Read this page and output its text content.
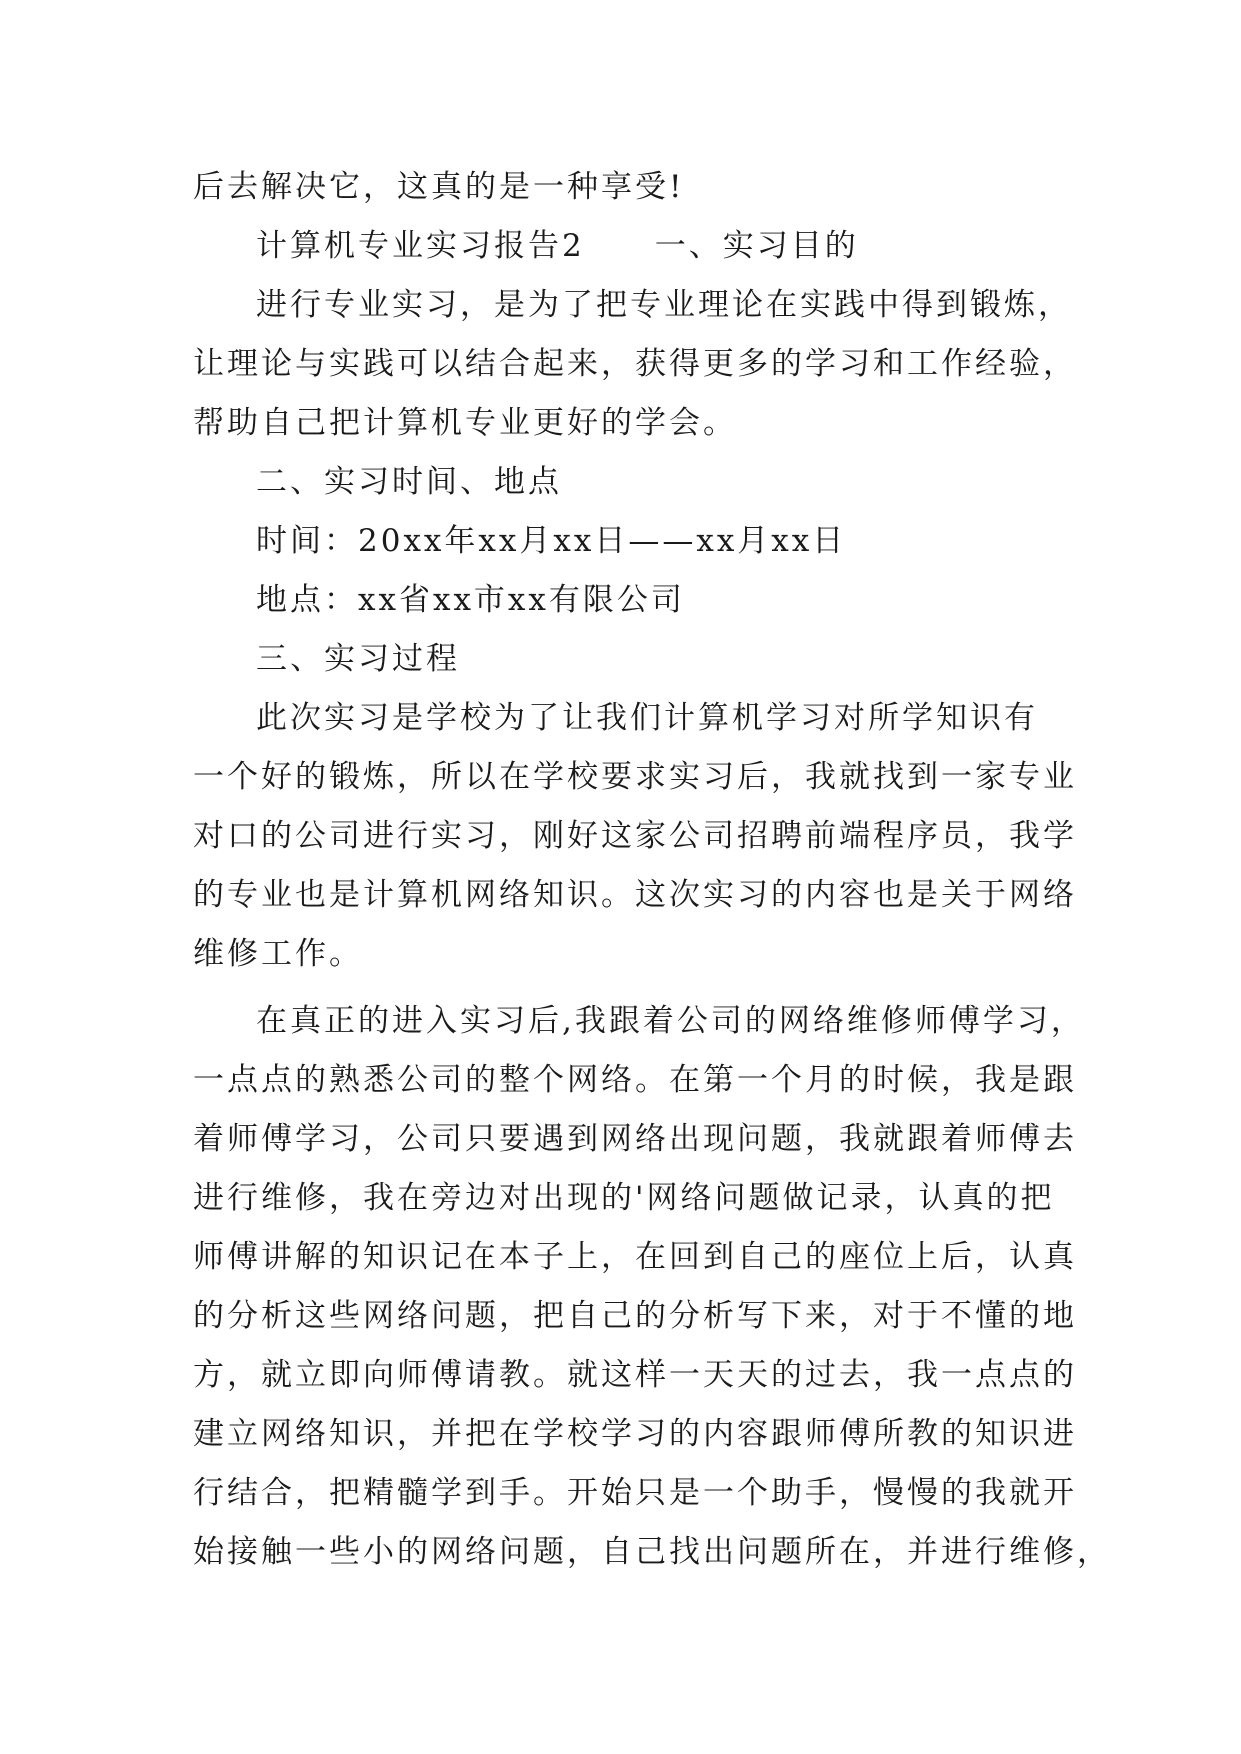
后去解决它，这真的是一种享受!
计算机专业实习报告2 一、实习目的
进行专业实习，是为了把专业理论在实践中得到锻炼，
让理论与实践可以结合起来，获得更多的学习和工作经验，
帮助自己把计算机专业更好的学会。
二、实习时间、地点
时间：20xx年xx月xx日——xx月xx日
地点：xx省xx市xx有限公司
三、实习过程
此次实习是学校为了让我们计算机学习对所学知识有
一个好的锻炼，所以在学校要求实习后，我就找到一家专业
对口的公司进行实习，刚好这家公司招聘前端程序员，我学
的专业也是计算机网络知识。这次实习的内容也是关于网络
维修工作。
在真正的进入实习后,我跟着公司的网络维修师傅学习，
一点点的熟悉公司的整个网络。在第一个月的时候，我是跟
着师傅学习，公司只要遇到网络出现问题，我就跟着师傅去
进行维修，我在旁边对出现的'网络问题做记录，认真的把
师傅讲解的知识记在本子上，在回到自己的座位上后，认真
的分析这些网络问题，把自己的分析写下来，对于不懂的地
方，就立即向师傅请教。就这样一天天的过去，我一点点的
建立网络知识，并把在学校学习的内容跟师傅所教的知识进
行结合，把精髓学到手。开始只是一个助手，慢慢的我就开
始接触一些小的网络问题，自己找出问题所在，并进行维修，
